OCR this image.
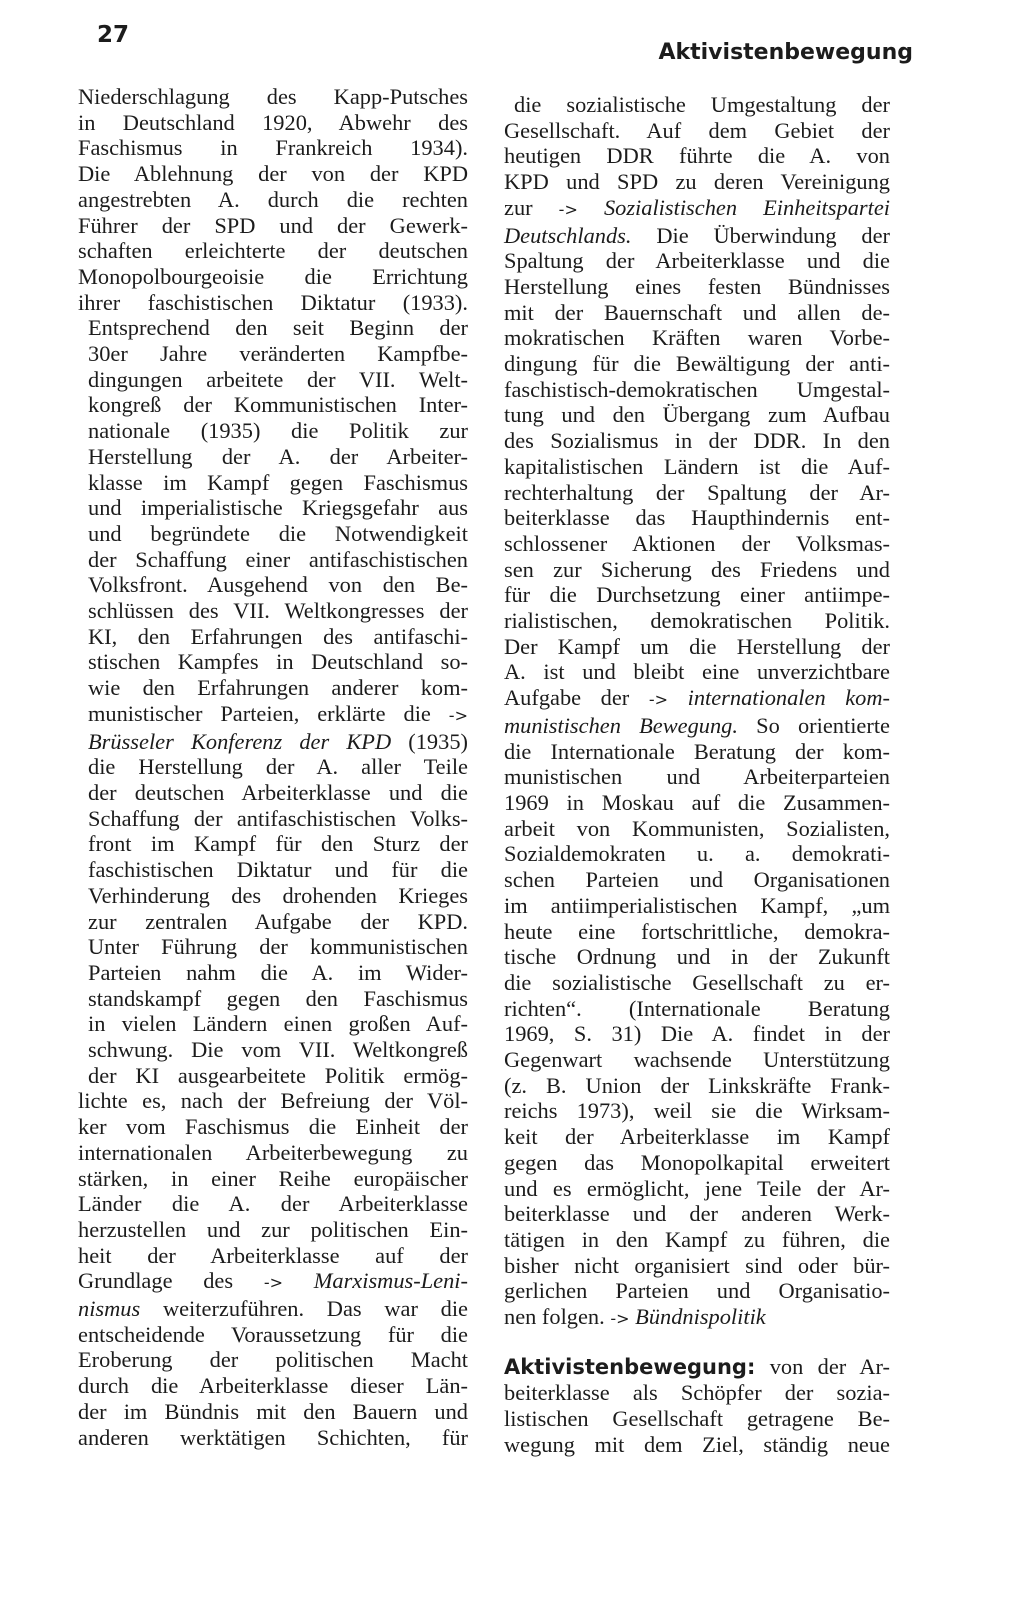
27
Aktivistenbewegung
Niederschlagung des Kapp-Putsches
in Deutschland 1920, Abwehr des
Faschismus in Frankreich 1934).
Die Ablehnung der von der KPD
angestrebten A. durch die rechten
Führer der SPD und der Gewerk-
schaften erleichterte der deutschen
Monopolbourgeoisie die Errichtung
ihrer faschistischen Diktatur (1933).
Entsprechend den seit Beginn der
30er Jahre veränderten Kampfbe-
dingungen arbeitete der VII. Welt-
kongreß der Kommunistischen Inter-
nationale (1935) die Politik zur
Herstellung der A. der Arbeiter-
klasse im Kampf gegen Faschismus
und imperialistische Kriegsgefahr aus
und begründete die Notwendigkeit
der Schaffung einer antifaschistischen
Volksfront. Ausgehend von den Be-
schlüssen des VII. Weltkongresses der
KI, den Erfahrungen des antifaschi-
stischen Kampfes in Deutschland so-
wie den Erfahrungen anderer kom-
munistischer Parteien, erklärte die ->
Brüsseler Konferenz der KPD (1935)
die Herstellung der A. aller Teile
der deutschen Arbeiterklasse und die
Schaffung der antifaschistischen Volks-
front im Kampf für den Sturz der
faschistischen Diktatur und für die
Verhinderung des drohenden Krieges
zur zentralen Aufgabe der KPD.
Unter Führung der kommunistischen
Parteien nahm die A. im Wider-
standskampf gegen den Faschismus
in vielen Ländern einen großen Auf-
schwung. Die vom VII. Weltkongreß
der KI ausgearbeitete Politik ermög-
lichte es, nach der Befreiung der Völ-
ker vom Faschismus die Einheit der
internationalen Arbeiterbewegung zu
stärken, in einer Reihe europäischer
Länder die A. der Arbeiterklasse
herzustellen und zur politischen Ein-
heit der Arbeiterklasse auf der
Grundlage des -> Marxismus-Leni-
nismus weiterzuführen. Das war die
entscheidende Voraussetzung für die
Eroberung der politischen Macht
durch die Arbeiterklasse dieser Län-
der im Bündnis mit den Bauern und
anderen werktätigen Schichten, für
die sozialistische Umgestaltung der
Gesellschaft. Auf dem Gebiet der
heutigen DDR führte die A. von
KPD und SPD zu deren Vereinigung
zur -> Sozialistischen Einheitspartei
Deutschlands. Die Überwindung der
Spaltung der Arbeiterklasse und die
Herstellung eines festen Bündnisses
mit der Bauernschaft und allen de-
mokratischen Kräften waren Vorbe-
dingung für die Bewältigung der anti-
faschistisch-demokratischen Umgestal-
tung und den Übergang zum Aufbau
des Sozialismus in der DDR. In den
kapitalistischen Ländern ist die Auf-
rechterhaltung der Spaltung der Ar-
beiterklasse das Haupthindernis ent-
schlossener Aktionen der Volksmas-
sen zur Sicherung des Friedens und
für die Durchsetzung einer antiimpe-
rialistischen, demokratischen Politik.
Der Kampf um die Herstellung der
A. ist und bleibt eine unverzichtbare
Aufgabe der -> internationalen kom-
munistischen Bewegung. So orientierte
die Internationale Beratung der kom-
munistischen und Arbeiterparteien
1969 in Moskau auf die Zusammen-
arbeit von Kommunisten, Sozialisten,
Sozialdemokraten u. a. demokrati-
schen Parteien und Organisationen
im antiimperialistischen Kampf, „um
heute eine fortschrittliche, demokra-
tische Ordnung und in der Zukunft
die sozialistische Gesellschaft zu er-
richten“. (Internationale Beratung
1969, S. 31) Die A. findet in der
Gegenwart wachsende Unterstützung
(z. B. Union der Linkskräfte Frank-
reichs 1973), weil sie die Wirksam-
keit der Arbeiterklasse im Kampf
gegen das Monopolkapital erweitert
und es ermöglicht, jene Teile der Ar-
beiterklasse und der anderen Werk-
tätigen in den Kampf zu führen, die
bisher nicht organisiert sind oder bür-
gerlichen Parteien und Organisatio-
nen folgen. -> Bündnispolitik
Aktivistenbewegung: von der Ar-
beiterklasse als Schöpfer der sozia-
listischen Gesellschaft getragene Be-
wegung mit dem Ziel, ständig neue
